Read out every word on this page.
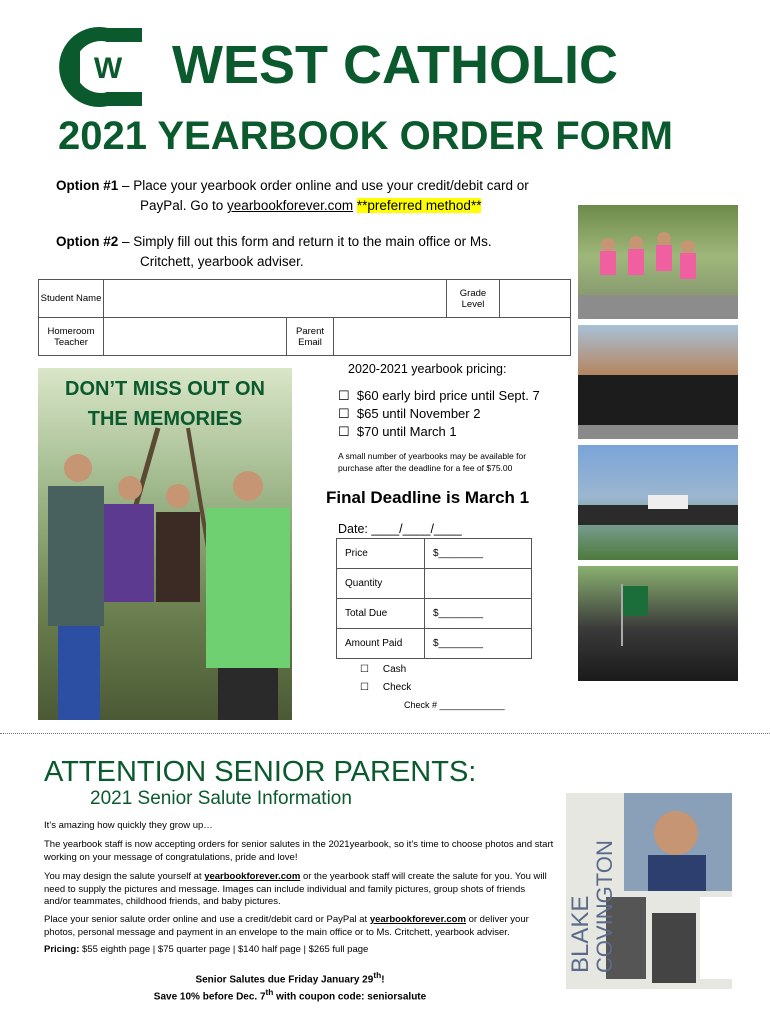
W WEST CATHOLIC
2021 YEARBOOK ORDER FORM
Option #1 – Place your yearbook order online and use your credit/debit card or
PayPal. Go to yearbookforever.com **preferred method**
Option #2 – Simply fill out this form and return it to the main office or Ms.
Critchett, yearbook adviser.
Student Name		Grade Level	
Homeroom Teacher		Parent Email	
DON’T MISS OUT ON
THE MEMORIES
2020-2021 yearbook pricing:
☐ $60 early bird price until Sept. 7
☐ $65 until November 2
☐ $70 until March 1
A small number of yearbooks may be available for purchase after the deadline for a fee of $75.00
Final Deadline is March 1
Date: ____/____/____
Price	$________
Quantity	
Total Due	$________
Amount Paid	$________
☐ Cash
☐ Check
Check # _____________
ATTENTION SENIOR PARENTS:
2021 Senior Salute Information
It’s amazing how quickly they grow up…
The yearbook staff is now accepting orders for senior salutes in the 2021yearbook, so it’s time to choose photos and start working on your message of congratulations, pride and love!
You may design the salute yourself at yearbookforever.com or the yearbook staff will create the salute for you. You will need to supply the pictures and message. Images can include individual and family pictures, group shots of friends and/or teammates, childhood friends, and baby pictures.
Place your senior salute order online and use a credit/debit card or PayPal at yearbookforever.com or deliver your photos, personal message and payment in an envelope to the main office or to Ms. Critchett, yearbook adviser.
Pricing: $55 eighth page | $75 quarter page | $140 half page | $265 full page
Senior Salutes due Friday January 29th!
Save 10% before Dec. 7th with coupon code: seniorsalute
BLAKE
COVINGTON
